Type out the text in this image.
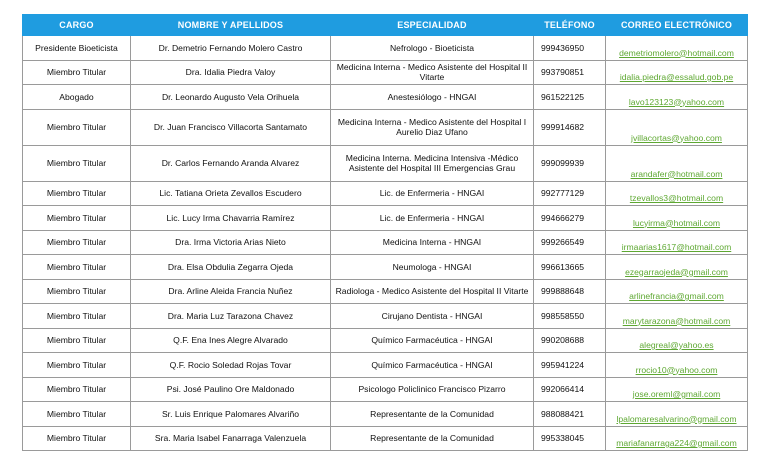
CARGO	NOMBRE Y APELLIDOS	ESPECIALIDAD	TELÉFONO	CORREO ELECTRÓNICO
Presidente Bioeticista	Dr. Demetrio Fernando Molero Castro	Nefrologo - Bioeticista	999436950	demetriomolero@hotmail.com
Miembro Titular	Dra. Idalia Piedra Valoy	Medicina Interna - Medico Asistente del Hospital II Vitarte	993790851	idalia.piedra@essalud.gob.pe
Abogado	Dr. Leonardo Augusto Vela Orihuela	Anestesiólogo - HNGAI	961522125	lavo123123@yahoo.com
Miembro Titular	Dr. Juan Francisco Villacorta Santamato	Medicina Interna - Medico Asistente del Hospital I Aurelio Diaz Ufano	999914682	jvillacortas@yahoo.com
Miembro Titular	Dr. Carlos Fernando Aranda Alvarez	Medicina Interna. Medicina Intensiva -Médico Asistente del Hospital III Emergencias Grau	999099939	arandafer@hotmail.com
Miembro Titular	Lic. Tatiana Orieta Zevallos Escudero	Lic. de Enfermeria - HNGAI	992777129	tzevallos3@hotmail.com
Miembro Titular	Lic. Lucy Irma Chavarria Ramírez	Lic. de Enfermeria - HNGAI	994666279	lucyirma@hotmail.com
Miembro Titular	Dra. Irma Victoria Arias Nieto	Medicina Interna - HNGAI	999266549	irmaarias1617@hotmail.com
Miembro Titular	Dra. Elsa Obdulia Zegarra Ojeda	Neumologa - HNGAI	996613665	ezegarraojeda@gmail.com
Miembro Titular	Dra. Arline Aleida Francia Nuñez	Radiologa - Medico Asistente del Hospital II Vitarte	999888648	arlinefrancia@gmail.com
Miembro Titular	Dra. Maria Luz Tarazona Chavez	Cirujano Dentista - HNGAI	998558550	marytarazona@hotmail.com
Miembro Titular	Q.F. Ena Ines Alegre Alvarado	Químico Farmacéutica - HNGAI	990208688	alegreal@yahoo.es
Miembro Titular	Q.F. Rocio Soledad Rojas Tovar	Químico Farmacéutica - HNGAI	995941224	rrocio10@yahoo.com
Miembro Titular	Psi. José Paulino Ore Maldonado	Psicologo Policlinico Francisco Pizarro	992066414	jose.oreml@gmail.com
Miembro Titular	Sr. Luis Enrique Palomares Alvariño	Representante de la Comunidad	988088421	lpalomaresalvarino@gmail.com
Miembro Titular	Sra. Maria Isabel Fanarraga Valenzuela	Representante de la Comunidad	995338045	mariafanarraga224@gmail.com
